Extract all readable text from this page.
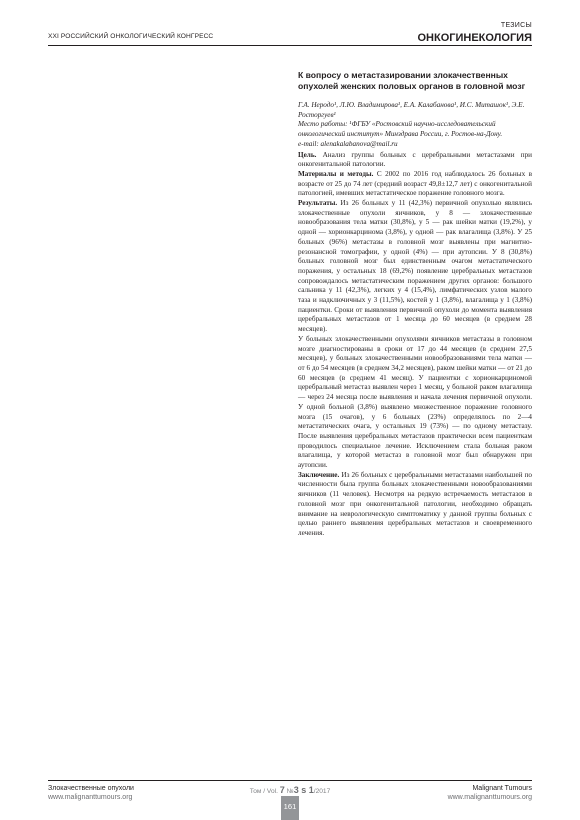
XXI РОССИЙСКИЙ ОНКОЛОГИЧЕСКИЙ КОНГРЕСС
ТЕЗИСЫ
ОНКОГИНЕКОЛОГИЯ
К вопросу о метастазировании злокачественных опухолей женских половых органов в головной мозг
Г.А. Неродо¹, Л.Ю. Владимирова¹, Е.А. Калабанова¹, И.С. Митaшок¹, Э.Е. Росторгуев¹
Место работы: ¹ФГБУ «Ростовский научно-исследовательский онкологический институт» Минздрава России, г. Ростов-на-Дону.
e-mail: alenakalabanova@mail.ru

Цель. Анализ группы больных с церебральными метастазами при онкогенитальной патологии.

Материалы и методы. С 2002 по 2016 год наблюдалось 26 больных в возрасте от 25 до 74 лет (средний возраст 49,8±12,7 лет) с онкогенитальной патологией, имевших метастатическое поражение головного мозга.

Результаты. Из 26 больных у 11 (42,3%) первичной опухолью являлись злокачественные опухоли яичников, у 8 — злокачественные новообразования тела матки (30,8%), у 5 — рак шейки матки (19,2%), у одной — хорионкарцинома (3,8%), у одной — рак влагалища (3,8%). У 25 больных (96%) метастазы в головной мозг выявлены при магнитно-резонансной томографии, у одной (4%) — при аутопсии. У 8 (30,8%) больных головной мозг был единственным очагом метастатического поражения, у остальных 18 (69,2%) появление церебральных метастазов сопровождалось метастатическим поражением других органов: большого сальника у 11 (42,3%), легких у 4 (15,4%), лимфатических узлов малого таза и надключичных у 3 (11,5%), костей у 1 (3,8%), влагалища у 1 (3,8%) пациентки. Сроки от выявления первичной опухоли до момента выявления церебральных метастазов от 1 месяца до 60 месяцев (в среднем 28 месяцев).

У больных злокачественными опухолями яичников метастазы в головном мозге диагностированы в сроки от 17 до 44 месяцев (в среднем 27,5 месяцев), у больных злокачественными новообразованиями тела матки — от 6 до 54 месяцев (в среднем 34,2 месяцев), раком шейки матки — от 21 до 60 месяцев (в среднем 41 месяц). У пациентки с хорионкарциномой церебральный метастаз выявлен через 1 месяц, у больной раком влагалища — через 24 месяца после выявления и начала лечения первичной опухоли. У одной больной (3,8%) выявлено множественное поражение головного мозга (15 очагов), у 6 больных (23%) определялось по 2—4 метастатических очага, у остальных 19 (73%) — по одному метастазу. После выявления церебральных метастазов практически всем пациенткам проводилось специальное лечение. Исключением стала больная раком влагалища, у которой метастаз в головной мозг был обнаружен при аутопсии.

Заключение. Из 26 больных с церебральными метастазами наибольшей по численности была группа больных злокачественными новообразованиями яичников (11 человек). Несмотря на редкую встречаемость метастазов в головной мозг при онкогенитальной патологии, необходимо обращать внимание на неврологическую симптоматику у данной группы больных с целью раннего выявления церебральных метастазов и своевременного лечения.

Злокачественные опухоли
www.malignanttumours.org
Том / Vol. 7 №3 s 1/2017	Malignant Tumours
www.malignanttumours.org
161
